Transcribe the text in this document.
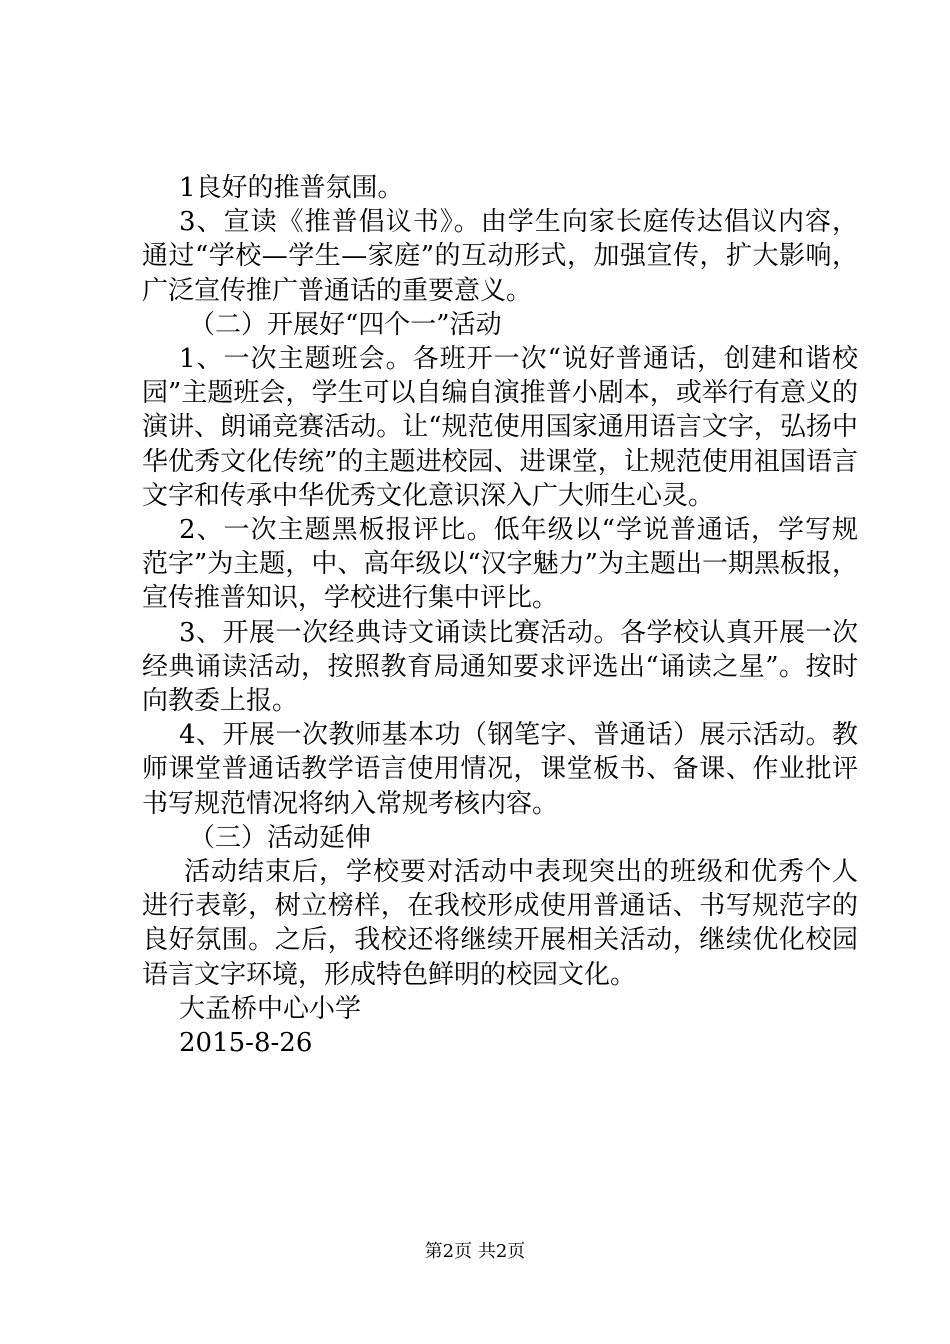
1良好的推普氛围。

3、宣读《推普倡议书》。由学生向家长庭传达倡议内容，通过“学校—学生—家庭”的互动形式，加强宣传，扩大影响，广泛宣传推广普通话的重要意义。

（二）开展好“四个一”活动

1、一次主题班会。各班开一次“说好普通话，创建和谐校园”主题班会，学生可以自编自演推普小剧本，或举行有意义的演讲、朗诵竞赛活动。让“规范使用国家通用语言文字，弘扬中华优秀文化传统”的主题进校园、进课堂，让规范使用祖国语言文字和传承中华优秀文化意识深入广大师生心灵。

2、一次主题黑板报评比。低年级以“学说普通话，学写规范字”为主题，中、高年级以“汉字魅力”为主题出一期黑板报，宣传推普知识，学校进行集中评比。

3、开展一次经典诗文诵读比赛活动。各学校认真开展一次经典诵读活动，按照教育局通知要求评选出“诵读之星”。按时向教委上报。

4、开展一次教师基本功（钢笔字、普通话）展示活动。教师课堂普通话教学语言使用情况，课堂板书、备课、作业批评书写规范情况将纳入常规考核内容。

（三）活动延伸

活动结束后，学校要对活动中表现突出的班级和优秀个人进行表彰，树立榜样，在我校形成使用普通话、书写规范字的良好氛围。之后，我校还将继续开展相关活动，继续优化校园语言文字环境，形成特色鲜明的校园文化。

大孟桥中心小学

2015-8-26

第2页 共2页
